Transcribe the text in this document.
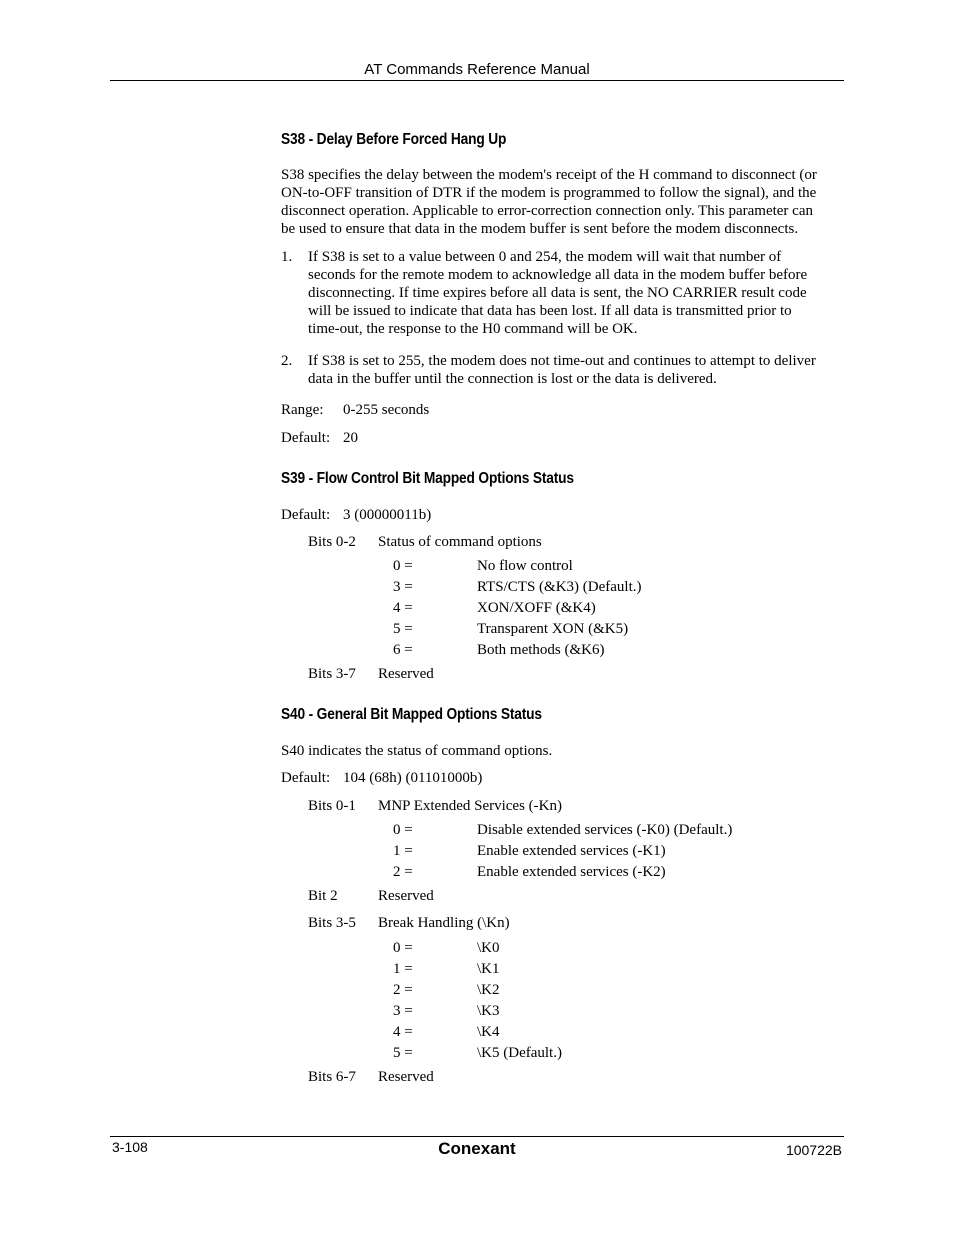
AT Commands Reference Manual
S38 - Delay Before Forced Hang Up
S38 specifies the delay between the modem's receipt of the H command to disconnect (or
ON-to-OFF transition of DTR if the modem is programmed to follow the signal), and the
disconnect operation. Applicable to error-correction connection only. This parameter can
be used to ensure that data in the modem buffer is sent before the modem disconnects.
1. If S38 is set to a value between 0 and 254, the modem will wait that number of
seconds for the remote modem to acknowledge all data in the modem buffer before
disconnecting. If time expires before all data is sent, the NO CARRIER result code
will be issued to indicate that data has been lost. If all data is transmitted prior to
time-out, the response to the H0 command will be OK.
2. If S38 is set to 255, the modem does not time-out and continues to attempt to deliver
data in the buffer until the connection is lost or the data is delivered.
Range: 0-255 seconds
Default: 20
S39 - Flow Control Bit Mapped Options Status
Default: 3 (00000011b)
Bits 0-2 Status of command options
0 =	No flow control
3 =	RTS/CTS (&K3) (Default.)
4 =	XON/XOFF (&K4)
5 =	Transparent XON (&K5)
6 =	Both methods (&K6)
Bits 3-7 Reserved
S40 - General Bit Mapped Options Status
S40 indicates the status of command options.
Default: 104 (68h) (01101000b)
Bits 0-1 MNP Extended Services (-Kn)
0 =	Disable extended services (-K0) (Default.)
1 =	Enable extended services (-K1)
2 =	Enable extended services (-K2)
Bit 2	Reserved
Bits 3-5 Break Handling (\Kn)
0 =	\K0
1 =	\K1
2 =	\K2
3 =	\K3
4 =	\K4
5 =	\K5 (Default.)
Bits 6-7 Reserved
3-108	Conexant	100722B
